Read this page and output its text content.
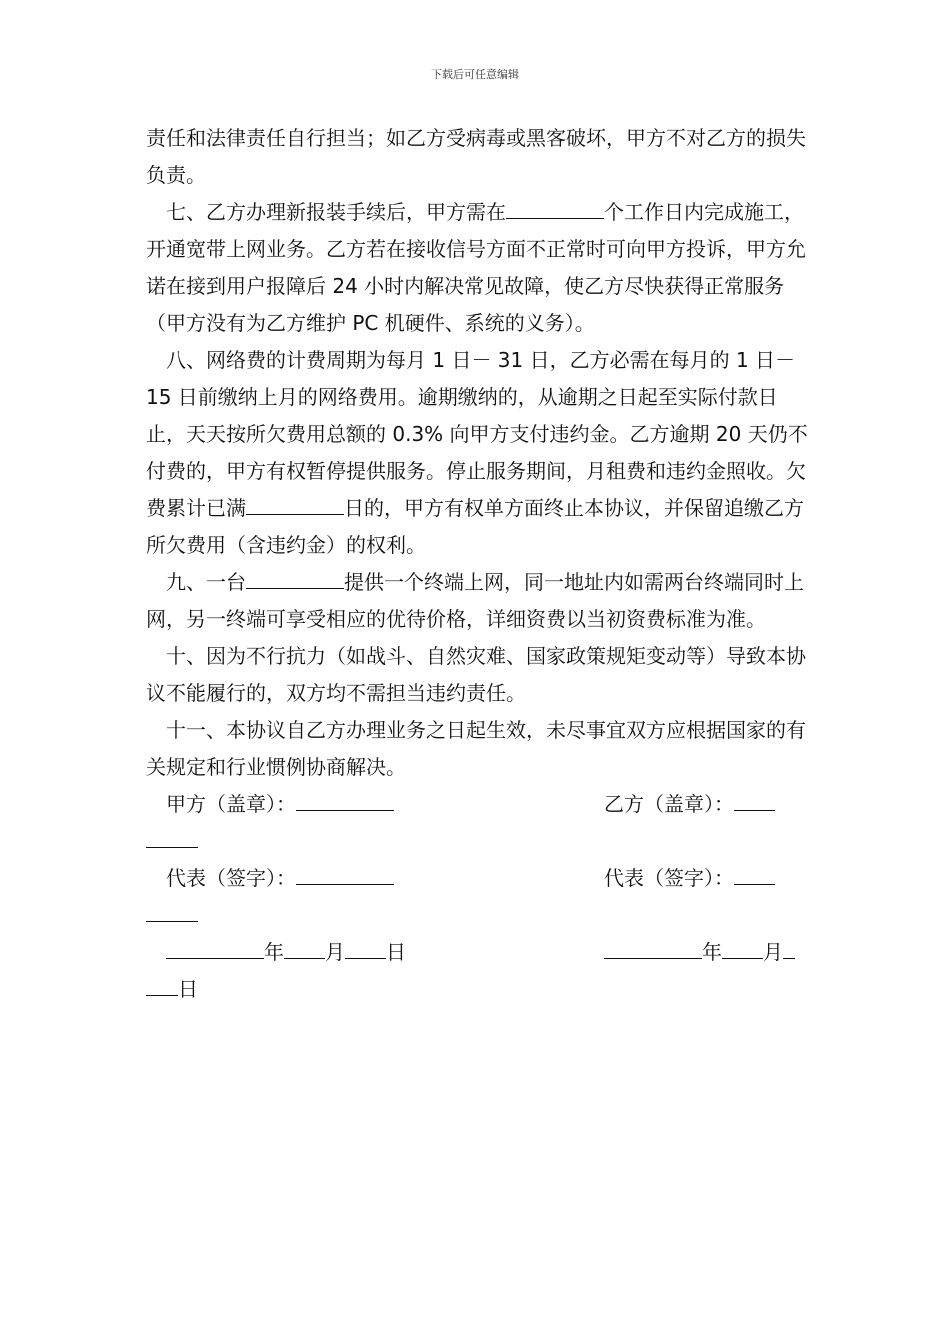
下载后可任意编辑

责任和法律责任自行担当；如乙方受病毒或黑客破坏，甲方不对乙方的损失负责。

七、乙方办理新报装手续后，甲方需在	个工作日内完成施工，开通宽带上网业务。乙方若在接收信号方面不正常时可向甲方投诉，甲方允诺在接到用户报障后 24 小时内解决常见故障，使乙方尽快获得正常服务（甲方没有为乙方维护 PC 机硬件、系统的义务）。

八、网络费的计费周期为每月 1 日－ 31 日，乙方必需在每月的 1 日－ 15 日前缴纳上月的网络费用。逾期缴纳的，从逾期之日起至实际付款日止，天天按所欠费用总额的 0.3% 向甲方支付违约金。乙方逾期 20 天仍不付费的，甲方有权暂停提供服务。停止服务期间，月租费和违约金照收。欠费累计已满	日的，甲方有权单方面终止本协议，并保留追缴乙方所欠费用（含违约金）的权利。

九、一台	提供一个终端上网，同一地址内如需两台终端同时上网，另一终端可享受相应的优待价格，详细资费以当初资费标准为准。

十、因为不行抗力（如战斗、自然灾难、国家政策规矩变动等）导致本协议不能履行的，双方均不需担当违约责任。

十一、本协议自乙方办理业务之日起生效，未尽事宜双方应根据国家的有关规定和行业惯例协商解决。

甲方（盖章）：	乙方（盖章）：
代表（签字）：	代表（签字）：
年 月 日	年 月
日
